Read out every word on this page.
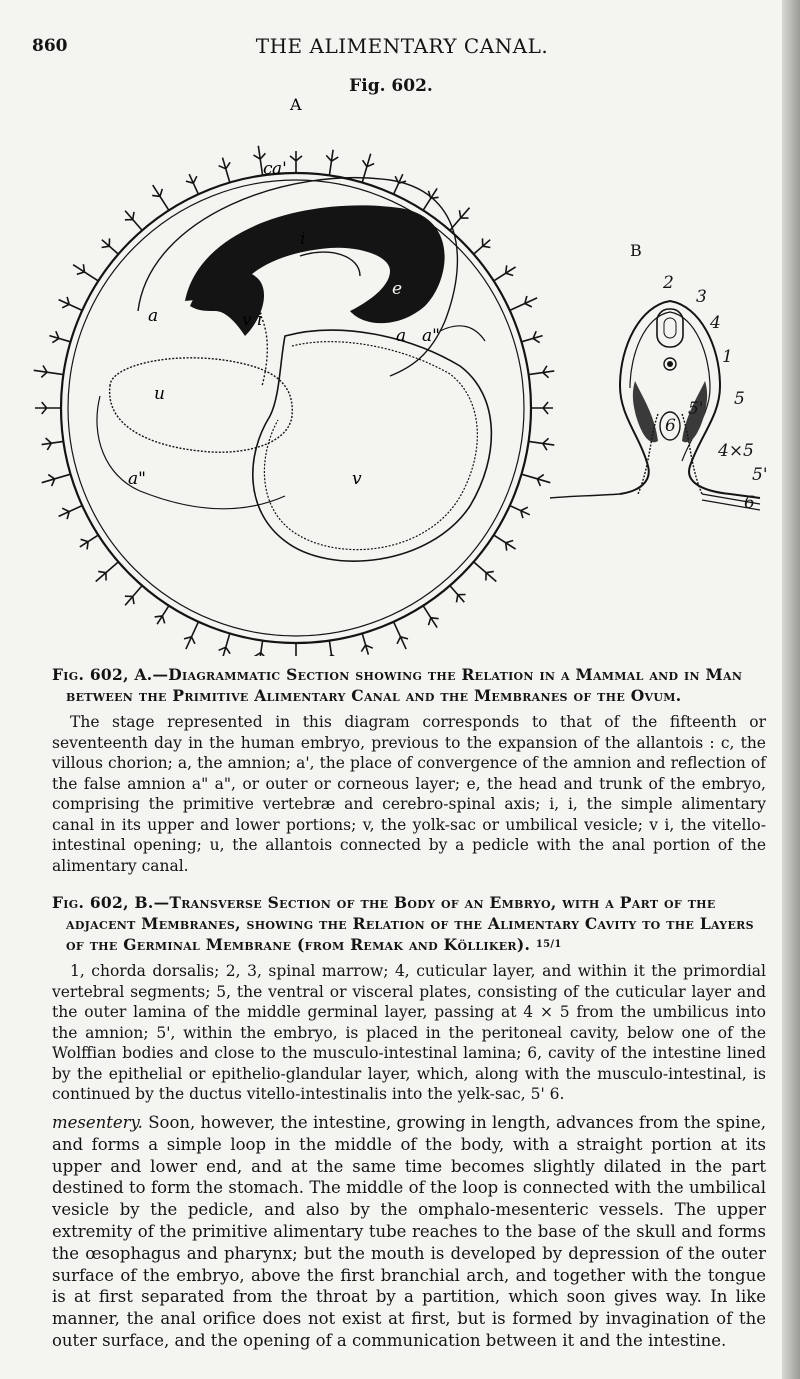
860	THE ALIMENTARY CANAL.
Fig. 602.
A
c a'
i
e
v i
a
a a"
u
a"	v
B
2
3
4
1
5
5'
6
4×5
5'
6
Fig. 602, A.—Diagrammatic Section showing the Relation in a Mammal and in Man between the Primitive Alimentary Canal and the Membranes of the Ovum.
The stage represented in this diagram corresponds to that of the fifteenth or seventeenth day in the human embryo, previous to the expansion of the allantois : c, the villous chorion; a, the amnion; a', the place of convergence of the amnion and reflection of the false amnion a" a", or outer or corneous layer; e, the head and trunk of the embryo, comprising the primitive vertebræ and cerebro-spinal axis; i, i, the simple alimentary canal in its upper and lower portions; v, the yolk-sac or umbilical vesicle; v i, the vitello-intestinal opening; u, the allantois connected by a pedicle with the anal portion of the alimentary canal.
Fig. 602, B.—Transverse Section of the Body of an Embryo, with a Part of the adjacent Membranes, showing the Relation of the Alimentary Cavity to the Layers of the Germinal Membrane (from Remak and Kölliker). 15/1
1, chorda dorsalis; 2, 3, spinal marrow; 4, cuticular layer, and within it the primordial vertebral segments; 5, the ventral or visceral plates, consisting of the cuticular layer and the outer lamina of the middle germinal layer, passing at 4 × 5 from the umbilicus into the amnion; 5', within the embryo, is placed in the peritoneal cavity, below one of the Wolffian bodies and close to the musculo-intestinal lamina; 6, cavity of the intestine lined by the epithelial or epithelio-glandular layer, which, along with the musculo-intestinal, is continued by the ductus vitello-intestinalis into the yelk-sac, 5' 6.
mesentery. Soon, however, the intestine, growing in length, advances from the spine, and forms a simple loop in the middle of the body, with a straight portion at its upper and lower end, and at the same time becomes slightly dilated in the part destined to form the stomach. The middle of the loop is connected with the umbilical vesicle by the pedicle, and also by the omphalo-mesenteric vessels. The upper extremity of the primitive alimentary tube reaches to the base of the skull and forms the œsophagus and pharynx; but the mouth is developed by depression of the outer surface of the embryo, above the first branchial arch, and together with the tongue is at first separated from the throat by a partition, which soon gives way. In like manner, the anal orifice does not exist at first, but is formed by invagination of the outer surface, and the opening of a communication between it and the intestine.
